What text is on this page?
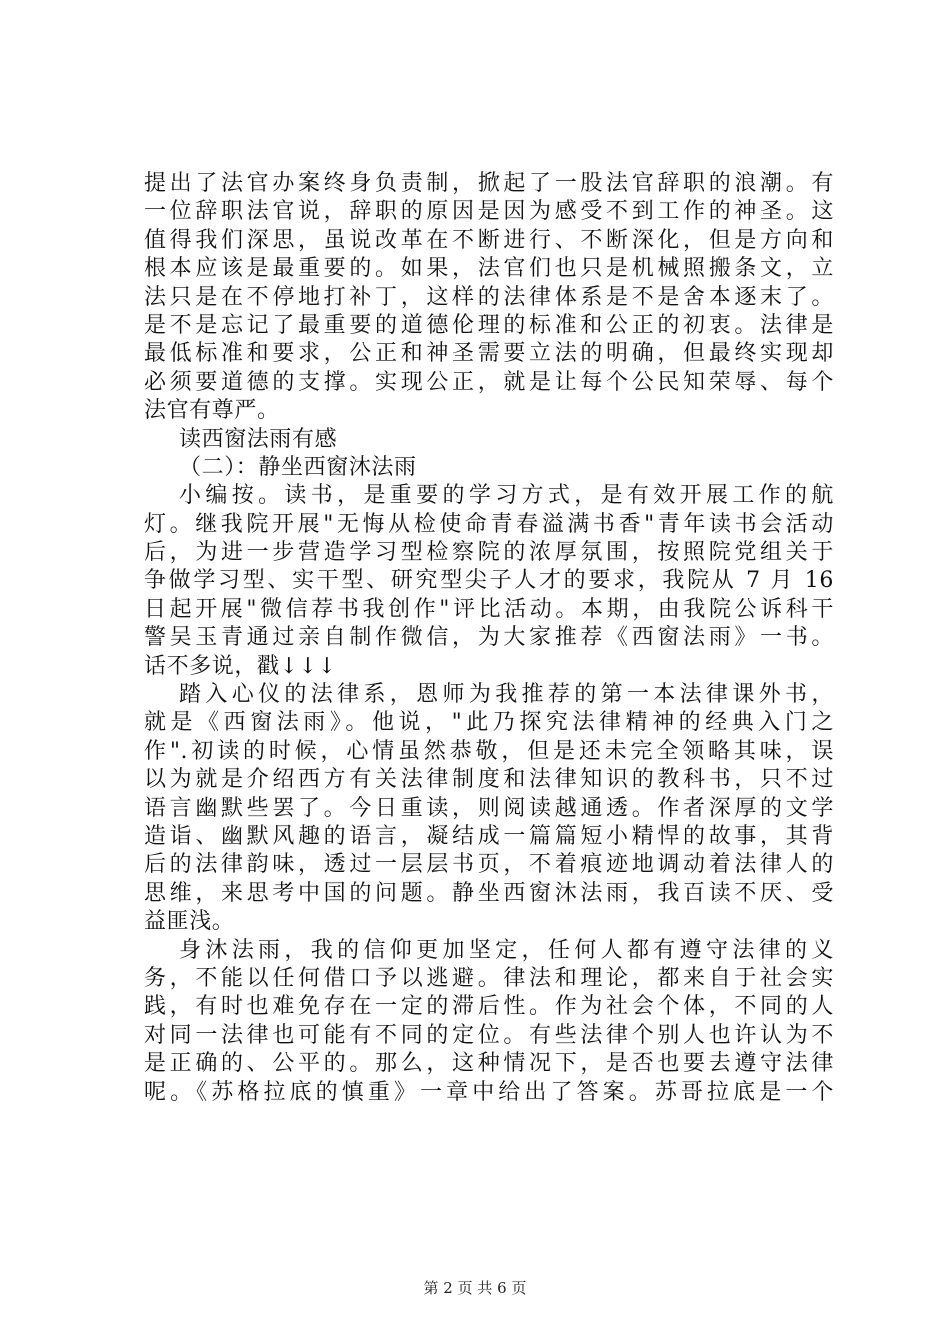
提出了法官办案终身负责制，掀起了一股法官辞职的浪潮。有
一位辞职法官说，辞职的原因是因为感受不到工作的神圣。这
值得我们深思，虽说改革在不断进行、不断深化，但是方向和
根本应该是最重要的。如果，法官们也只是机械照搬条文，立
法只是在不停地打补丁，这样的法律体系是不是舍本逐末了。
是不是忘记了最重要的道德伦理的标准和公正的初衷。法律是
最低标准和要求，公正和神圣需要立法的明确，但最终实现却
必须要道德的支撑。实现公正，就是让每个公民知荣辱、每个
法官有尊严。
读西窗法雨有感
（二）：静坐西窗沐法雨
小编按。读书，是重要的学习方式，是有效开展工作的航
灯。继我院开展"无悔从检使命青春溢满书香"青年读书会活动
后，为进一步营造学习型检察院的浓厚氛围，按照院党组关于
争做学习型、实干型、研究型尖子人才的要求，我院从 7 月 16
日起开展"微信荐书我创作"评比活动。本期，由我院公诉科干
警吴玉青通过亲自制作微信，为大家推荐《西窗法雨》一书。
话不多说，戳↓↓↓
踏入心仪的法律系，恩师为我推荐的第一本法律课外书，
就是《西窗法雨》。他说，"此乃探究法律精神的经典入门之
作".初读的时候，心情虽然恭敬，但是还未完全领略其味，误
以为就是介绍西方有关法律制度和法律知识的教科书，只不过
语言幽默些罢了。今日重读，则阅读越通透。作者深厚的文学
造诣、幽默风趣的语言，凝结成一篇篇短小精悍的故事，其背
后的法律韵味，透过一层层书页，不着痕迹地调动着法律人的
思维，来思考中国的问题。静坐西窗沐法雨，我百读不厌、受
益匪浅。
身沐法雨，我的信仰更加坚定，任何人都有遵守法律的义
务，不能以任何借口予以逃避。律法和理论，都来自于社会实
践，有时也难免存在一定的滞后性。作为社会个体，不同的人
对同一法律也可能有不同的定位。有些法律个别人也许认为不
是正确的、公平的。那么，这种情况下，是否也要去遵守法律
呢。《苏格拉底的慎重》一章中给出了答案。苏哥拉底是一个
第 2 页 共 6 页
